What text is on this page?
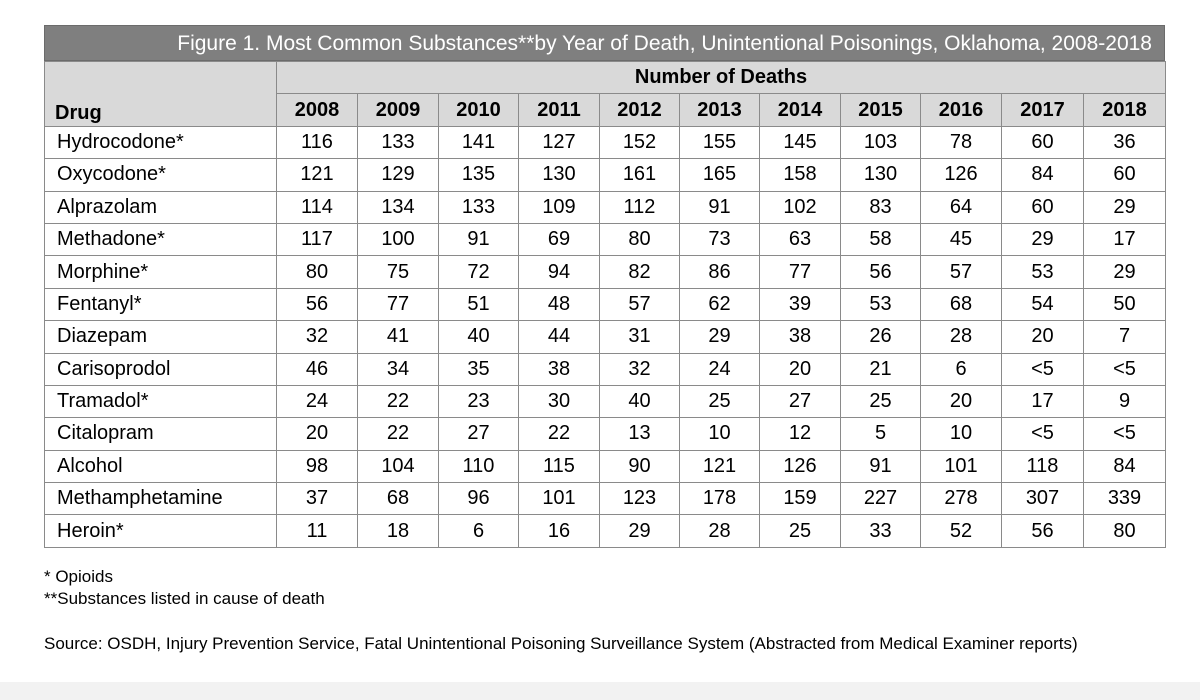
Figure 1. Most Common Substances**by Year of Death, Unintentional Poisonings, Oklahoma, 2008-2018
Drug	Number of Deaths										
	2008	2009	2010	2011	2012	2013	2014	2015	2016	2017	2018
Hydrocodone*	116	133	141	127	152	155	145	103	78	60	36
Oxycodone*	121	129	135	130	161	165	158	130	126	84	60
Alprazolam	114	134	133	109	112	91	102	83	64	60	29
Methadone*	117	100	91	69	80	73	63	58	45	29	17
Morphine*	80	75	72	94	82	86	77	56	57	53	29
Fentanyl*	56	77	51	48	57	62	39	53	68	54	50
Diazepam	32	41	40	44	31	29	38	26	28	20	7
Carisoprodol	46	34	35	38	32	24	20	21	6	<5	<5
Tramadol*	24	22	23	30	40	25	27	25	20	17	9
Citalopram	20	22	27	22	13	10	12	5	10	<5	<5
Alcohol	98	104	110	115	90	121	126	91	101	118	84
Methamphetamine	37	68	96	101	123	178	159	227	278	307	339
Heroin*	11	18	6	16	29	28	25	33	52	56	80
* Opioids
**Substances listed in cause of death
Source: OSDH, Injury Prevention Service, Fatal Unintentional Poisoning Surveillance System (Abstracted from Medical Examiner reports)
